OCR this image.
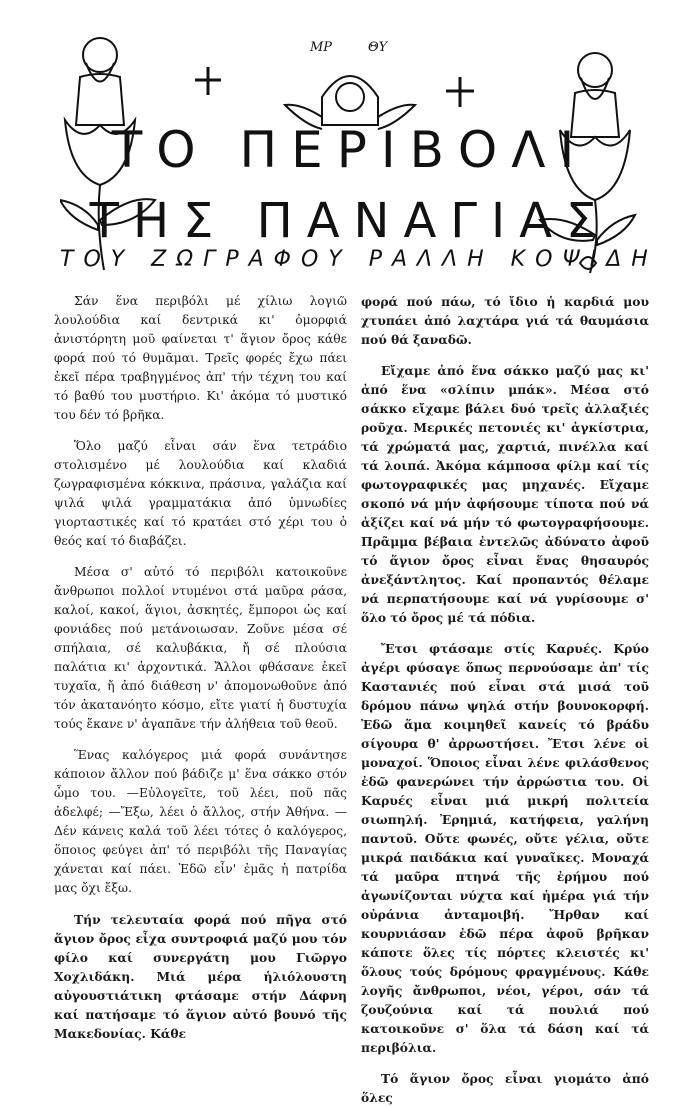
ΜΡ	ΘΥ
ΤΟ ΠΕΡΙΒΟΛΙ
ΤΗΣ ΠΑΝΑΓΙΑΣ
ΤΟΥ ΖΩΓΡΑΦΟΥ ΡΑΛΛΗ ΚΟΨΙΔΗ

Σάν ἕνα περιβόλι μέ χίλιω λογιῶ λουλούδια καί δεντρικά κι' ὀμορφιά ἀνιστόρητη μοῦ φαίνεται τ' ἅγιον ὄρος κάθε φορά πού τό θυμᾶμαι. Τρεῖς φορές ἔχω πάει ἐκεῖ πέρα τραβηγμένος ἀπ' τήν τέχνη του καί τό βαθύ του μυστήριο. Κι' ἀκόμα τό μυστικό του δέν τό βρῆκα.

Ὅλο μαζύ εἶναι σάν ἕνα τετράδιο στολισμένο μέ λουλούδια καί κλαδιά ζωγραφισμένα κόκκινα, πράσινα, γαλάζια καί ψιλά ψιλά γραμματάκια ἀπό ὑμνωδίες γιορταστικές καί τό κρατάει στό χέρι του ὁ θεός καί τό διαβάζει.

Μέσα σ' αὐτό τό περιβόλι κατοικοῦνε ἄνθρωποι πολλοί ντυμένοι στά μαῦρα ράσα, καλοί, κακοί, ἅγιοι, ἀσκητές, ἔμποροι ὡς καί φονιάδες πού μετάνοιωσαν. Ζοῦνε μέσα σέ σπήλαια, σέ καλυβάκια, ἤ σέ πλούσια παλάτια κι' ἀρχοντικά. Ἄλλοι φθάσανε ἐκεῖ τυχαῖα, ἤ ἀπό διάθεση ν' ἀπομονωθοῦνε ἀπό τόν ἀκατανόητο κόσμο, εἴτε γιατί ἡ δυστυχία τούς ἔκανε ν' ἀγαπᾶνε τήν ἀλήθεια τοῦ θεοῦ.

Ἕνας καλόγερος μιά φορά συνάντησε κάποιον ἄλλον πού βάδιζε μ' ἕνα σάκκο στόν ὦμο του. —Εὐλογεῖτε, τοῦ λέει, ποῦ πᾶς ἀδελφέ; —Ἔξω, λέει ὁ ἄλλος, στήν Ἀθήνα. — Δέν κάνεις καλά τοῦ λέει τότες ὁ καλόγερος, ὅποιος φεύγει ἀπ' τό περιβόλι τῆς Παναγίας χάνεται καί πάει. Ἐδῶ εἶν' ἐμᾶς ἡ πατρίδα μας ὄχι ἔξω.

Τήν τελευταία φορά πού πῆγα στό ἅγιον ὄρος εἶχα συντροφιά μαζύ μου τόν φίλο καί συνεργάτη μου Γιῶργο Χοχλιδάκη. Μιά μέρα ἡλιόλουστη αὐγουστιάτικη φτάσαμε στήν Δάφνη καί πατήσαμε τό ἅγιον αὐτό βουνό τῆς Μακεδονίας. Κάθε

φορά πού πάω, τό ἴδιο ἡ καρδιά μου χτυπάει ἀπό λαχτάρα γιά τά θαυμάσια πού θά ξαναδῶ.

Εἴχαμε ἀπό ἕνα σάκκο μαζύ μας κι' ἀπό ἕνα «σλίπιν μπάκ». Μέσα στό σάκκο εἴχαμε βάλει δυό τρεῖς ἀλλαξιές ροῦχα. Μερικές πετονιές κι' ἀγκίστρια, τά χρώματά μας, χαρτιά, πινέλλα καί τά λοιπά. Ἀκόμα κάμποσα φίλμ καί τίς φωτογραφικές μας μηχανές. Εἴχαμε σκοπό νά μήν ἀφήσουμε τίποτα πού νά ἀξίζει καί νά μήν τό φωτογραφήσουμε. Πρᾶμμα βέβαια ἐντελῶς ἀδύνατο ἀφοῦ τό ἅγιον ὄρος εἶναι ἕνας θησαυρός ἀνεξάντλητος. Καί προπαντός θέλαμε νά περπατήσουμε καί νά γυρίσουμε σ' ὅλο τό ὄρος μέ τά πόδια.

Ἔτσι φτάσαμε στίς Καρυές. Κρύο ἀγέρι φύσαγε ὅπως περνούσαμε ἀπ' τίς Καστανιές πού εἶναι στά μισά τοῦ δρόμου πάνω ψηλά στήν βουνοκορφή. Ἐδῶ ἅμα κοιμηθεῖ κανείς τό βράδυ σίγουρα θ' ἀρρωστήσει. Ἔτσι λένε οἱ μοναχοί. Ὅποιος εἶναι λένε φιλάσθενος ἐδῶ φανερώνει τήν ἀρρώστια του. Οἱ Καρυές εἶναι μιά μικρή πολιτεία σιωπηλή. Ἐρημιά, κατήφεια, γαλήνη παντοῦ. Οὔτε φωνές, οὔτε γέλια, οὔτε μικρά παιδάκια καί γυναῖκες. Μοναχά τά μαῦρα πτηνά τῆς ἐρήμου πού ἀγωνίζονται νύχτα καί ἡμέρα γιά τήν οὐράνια ἀνταμοιβή. Ἤρθαν καί κουρνιάσαν ἐδῶ πέρα ἀφοῦ βρῆκαν κάποτε ὅλες τίς πόρτες κλειστές κι' ὅλους τούς δρόμους φραγμένους. Κάθε λογῆς ἄνθρωποι, νέοι, γέροι, σάν τά ζουζούνια καί τά πουλιά πού κατοικοῦνε σ' ὅλα τά δάση καί τά περιβόλια.

Τό ἅγιον ὄρος εἶναι γιομάτο ἀπό ὅλες
